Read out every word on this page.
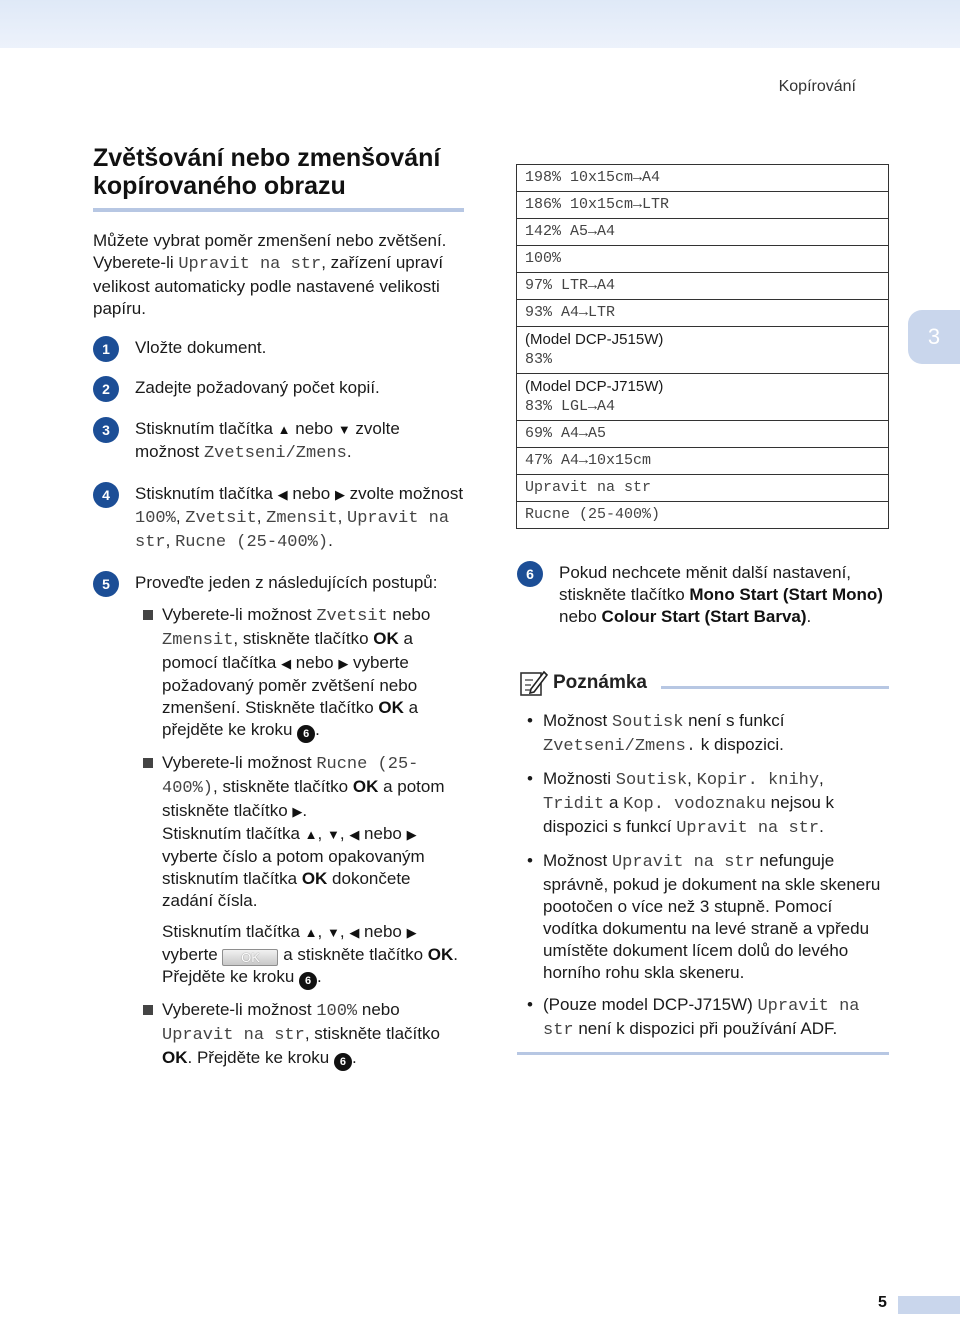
Kopírování
3
Zvětšování nebo zmenšování kopírovaného obrazu

Můžete vybrat poměr zmenšení nebo zvětšení. Vyberete-li Upravit na str, zařízení upraví velikost automaticky podle nastavené velikosti papíru.

1	Vložte dokument.
2	Zadejte požadovaný počet kopií.
3	Stisknutím tlačítka ▲ nebo ▼ zvolte možnost Zvetseni/Zmens.
4	Stisknutím tlačítka ◀ nebo ▶ zvolte možnost 100%, Zvetsit, Zmensit, Upravit na str, Rucne (25-400%).
5	Proveďte jeden z následujících postupů:
Vyberete-li možnost Zvetsit nebo Zmensit, stiskněte tlačítko OK a pomocí tlačítka ◀ nebo ▶ vyberte požadovaný poměr zvětšení nebo zmenšení. Stiskněte tlačítko OK a přejděte ke kroku 6 .
Vyberete-li možnost Rucne (25-400%), stiskněte tlačítko OK a potom stiskněte tlačítko ▶.
Stisknutím tlačítka ▲, ▼, ◀ nebo ▶ vyberte číslo a potom opakovaným stisknutím tlačítka OK dokončete zadání čísla.
Stisknutím tlačítka ▲, ▼, ◀ nebo ▶ vyberte OK a stiskněte tlačítko OK.
Přejděte ke kroku 6 .
Vyberete-li možnost 100% nebo Upravit na str, stiskněte tlačítko OK. Přejděte ke kroku 6 .
198% 10x15cm→A4

186% 10x15cm→LTR

142% A5→A4

100%

97% LTR→A4

93% A4→LTR

(Model DCP-J515W)
83%

(Model DCP-J715W)
83% LGL→A4

69% A4→A5

47% A4→10x15cm

Upravit na str

Rucne (25-400%)
6	Pokud nechcete měnit další nastavení, stiskněte tlačítko Mono Start (Start Mono) nebo Colour Start (Start Barva).
Poznámka
• Možnost Soutisk není s funkcí Zvetseni/Zmens. k dispozici.
• Možnosti Soutisk, Kopir. knihy, Tridit a Kop. vodoznaku nejsou k dispozici s funkcí Upravit na str.
• Možnost Upravit na str nefunguje správně, pokud je dokument na skle skeneru pootočen o více než 3 stupně. Pomocí vodítka dokumentu na levé straně a vpředu umístěte dokument lícem dolů do levého horního rohu skla skeneru.
• (Pouze model DCP-J715W) Upravit na str není k dispozici při používání ADF.
5
